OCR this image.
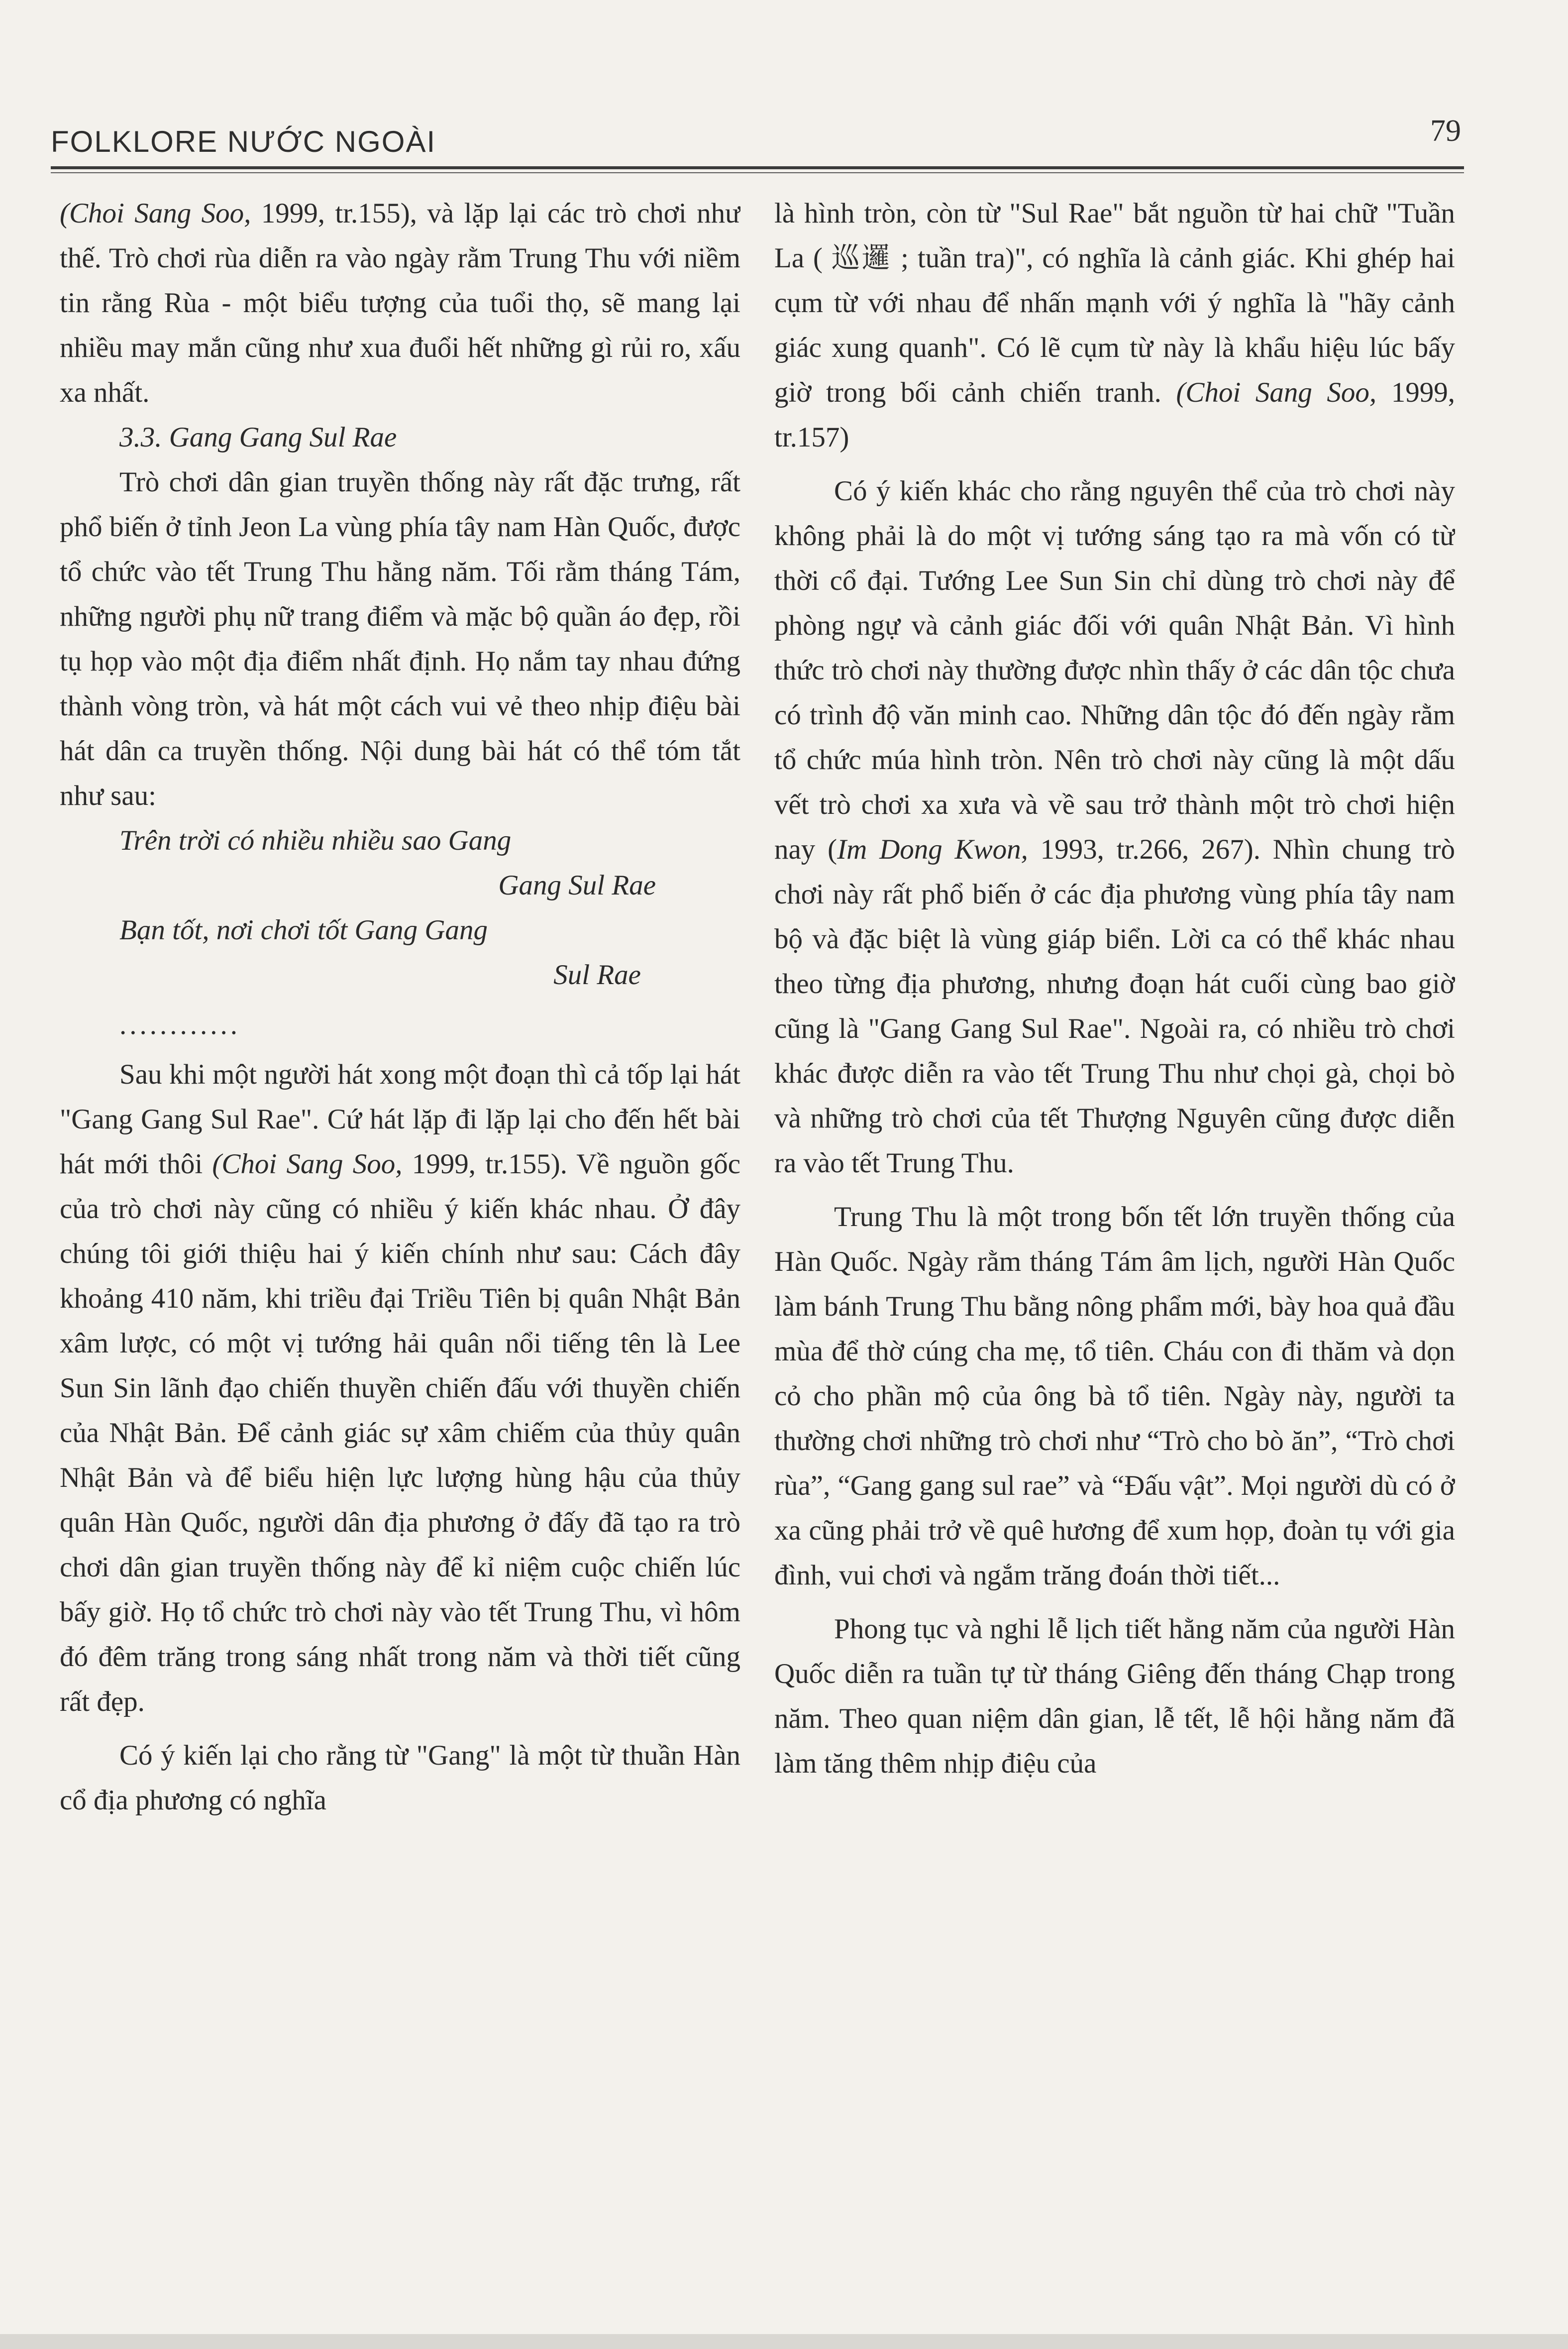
FOLKLORE NƯỚC NGOÀI	79

(Choi Sang Soo, 1999, tr.155), và lặp lại các trò chơi như thế. Trò chơi rùa diễn ra vào ngày rằm Trung Thu với niềm tin rằng Rùa - một biểu tượng của tuổi thọ, sẽ mang lại nhiều may mắn cũng như xua đuổi hết những gì rủi ro, xấu xa nhất.

3.3. Gang Gang Sul Rae

Trò chơi dân gian truyền thống này rất đặc trưng, rất phổ biến ở tỉnh Jeon La vùng phía tây nam Hàn Quốc, được tổ chức vào tết Trung Thu hằng năm. Tối rằm tháng Tám, những người phụ nữ trang điểm và mặc bộ quần áo đẹp, rồi tụ họp vào một địa điểm nhất định. Họ nắm tay nhau đứng thành vòng tròn, và hát một cách vui vẻ theo nhịp điệu bài hát dân ca truyền thống. Nội dung bài hát có thể tóm tắt như sau:

Trên trời có nhiều nhiều sao Gang
Gang Sul Rae
Bạn tốt, nơi chơi tốt Gang Gang
Sul Rae
............

Sau khi một người hát xong một đoạn thì cả tốp lại hát "Gang Gang Sul Rae". Cứ hát lặp đi lặp lại cho đến hết bài hát mới thôi (Choi Sang Soo, 1999, tr.155). Về nguồn gốc của trò chơi này cũng có nhiều ý kiến khác nhau. Ở đây chúng tôi giới thiệu hai ý kiến chính như sau: Cách đây khoảng 410 năm, khi triều đại Triều Tiên bị quân Nhật Bản xâm lược, có một vị tướng hải quân nổi tiếng tên là Lee Sun Sin lãnh đạo chiến thuyền chiến đấu với thuyền chiến của Nhật Bản. Để cảnh giác sự xâm chiếm của thủy quân Nhật Bản và để biểu hiện lực lượng hùng hậu của thủy quân Hàn Quốc, người dân địa phương ở đấy đã tạo ra trò chơi dân gian truyền thống này để kỉ niệm cuộc chiến lúc bấy giờ. Họ tổ chức trò chơi này vào tết Trung Thu, vì hôm đó đêm trăng trong sáng nhất trong năm và thời tiết cũng rất đẹp.

Có ý kiến lại cho rằng từ "Gang" là một từ thuần Hàn cổ địa phương có nghĩa

là hình tròn, còn từ "Sul Rae" bắt nguồn từ hai chữ "Tuần La ( 巡邏 ; tuần tra)", có nghĩa là cảnh giác. Khi ghép hai cụm từ với nhau để nhấn mạnh với ý nghĩa là "hãy cảnh giác xung quanh". Có lẽ cụm từ này là khẩu hiệu lúc bấy giờ trong bối cảnh chiến tranh. (Choi Sang Soo, 1999, tr.157)

Có ý kiến khác cho rằng nguyên thể của trò chơi này không phải là do một vị tướng sáng tạo ra mà vốn có từ thời cổ đại. Tướng Lee Sun Sin chỉ dùng trò chơi này để phòng ngự và cảnh giác đối với quân Nhật Bản. Vì hình thức trò chơi này thường được nhìn thấy ở các dân tộc chưa có trình độ văn minh cao. Những dân tộc đó đến ngày rằm tổ chức múa hình tròn. Nên trò chơi này cũng là một dấu vết trò chơi xa xưa và về sau trở thành một trò chơi hiện nay (Im Dong Kwon, 1993, tr.266, 267). Nhìn chung trò chơi này rất phổ biến ở các địa phương vùng phía tây nam bộ và đặc biệt là vùng giáp biển. Lời ca có thể khác nhau theo từng địa phương, nhưng đoạn hát cuối cùng bao giờ cũng là "Gang Gang Sul Rae". Ngoài ra, có nhiều trò chơi khác được diễn ra vào tết Trung Thu như chọi gà, chọi bò và những trò chơi của tết Thượng Nguyên cũng được diễn ra vào tết Trung Thu.

Trung Thu là một trong bốn tết lớn truyền thống của Hàn Quốc. Ngày rằm tháng Tám âm lịch, người Hàn Quốc làm bánh Trung Thu bằng nông phẩm mới, bày hoa quả đầu mùa để thờ cúng cha mẹ, tổ tiên. Cháu con đi thăm và dọn cỏ cho phần mộ của ông bà tổ tiên. Ngày này, người ta thường chơi những trò chơi như “Trò cho bò ăn”, “Trò chơi rùa”, “Gang gang sul rae” và “Đấu vật”. Mọi người dù có ở xa cũng phải trở về quê hương để xum họp, đoàn tụ với gia đình, vui chơi và ngắm trăng đoán thời tiết...

Phong tục và nghi lễ lịch tiết hằng năm của người Hàn Quốc diễn ra tuần tự từ tháng Giêng đến tháng Chạp trong năm. Theo quan niệm dân gian, lễ tết, lễ hội hằng năm đã làm tăng thêm nhịp điệu của
